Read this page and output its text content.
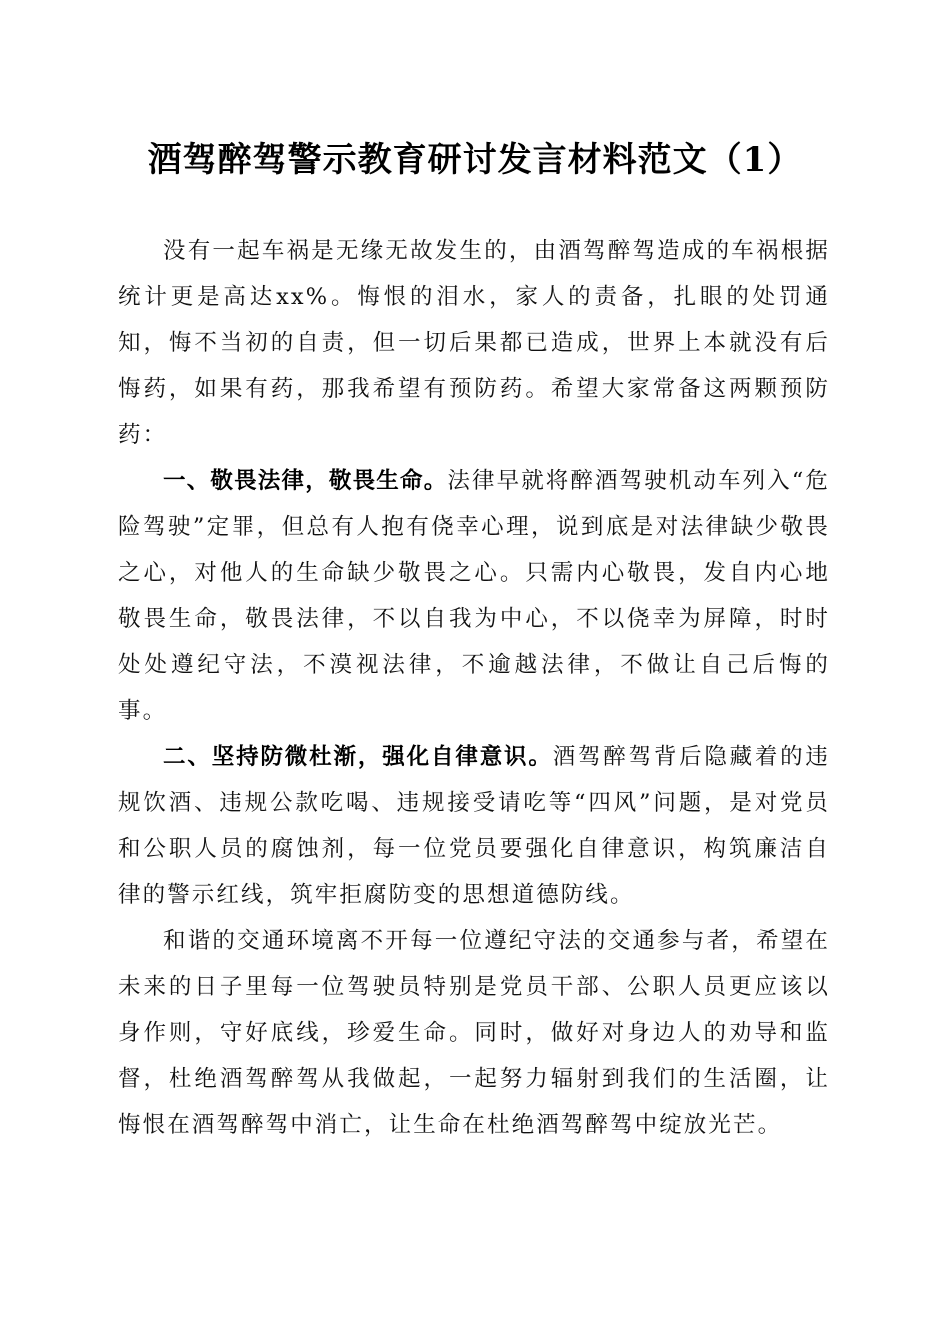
酒驾醉驾警示教育研讨发言材料范文（1）

没有一起车祸是无缘无故发生的，由酒驾醉驾造成的车祸根据统计更是高达xx%。悔恨的泪水，家人的责备，扎眼的处罚通知，悔不当初的自责，但一切后果都已造成，世界上本就没有后悔药，如果有药，那我希望有预防药。希望大家常备这两颗预防药：

一、敬畏法律，敬畏生命。法律早就将醉酒驾驶机动车列入“危险驾驶”定罪，但总有人抱有侥幸心理，说到底是对法律缺少敬畏之心，对他人的生命缺少敬畏之心。只需内心敬畏，发自内心地敬畏生命，敬畏法律，不以自我为中心，不以侥幸为屏障，时时处处遵纪守法，不漠视法律，不逾越法律，不做让自己后悔的事。

二、坚持防微杜渐，强化自律意识。酒驾醉驾背后隐藏着的违规饮酒、违规公款吃喝、违规接受请吃等“四风”问题，是对党员和公职人员的腐蚀剂，每一位党员要强化自律意识，构筑廉洁自律的警示红线，筑牢拒腐防变的思想道德防线。

和谐的交通环境离不开每一位遵纪守法的交通参与者，希望在未来的日子里每一位驾驶员特别是党员干部、公职人员更应该以身作则，守好底线，珍爱生命。同时，做好对身边人的劝导和监督，杜绝酒驾醉驾从我做起，一起努力辐射到我们的生活圈，让悔恨在酒驾醉驾中消亡，让生命在杜绝酒驾醉驾中绽放光芒。
